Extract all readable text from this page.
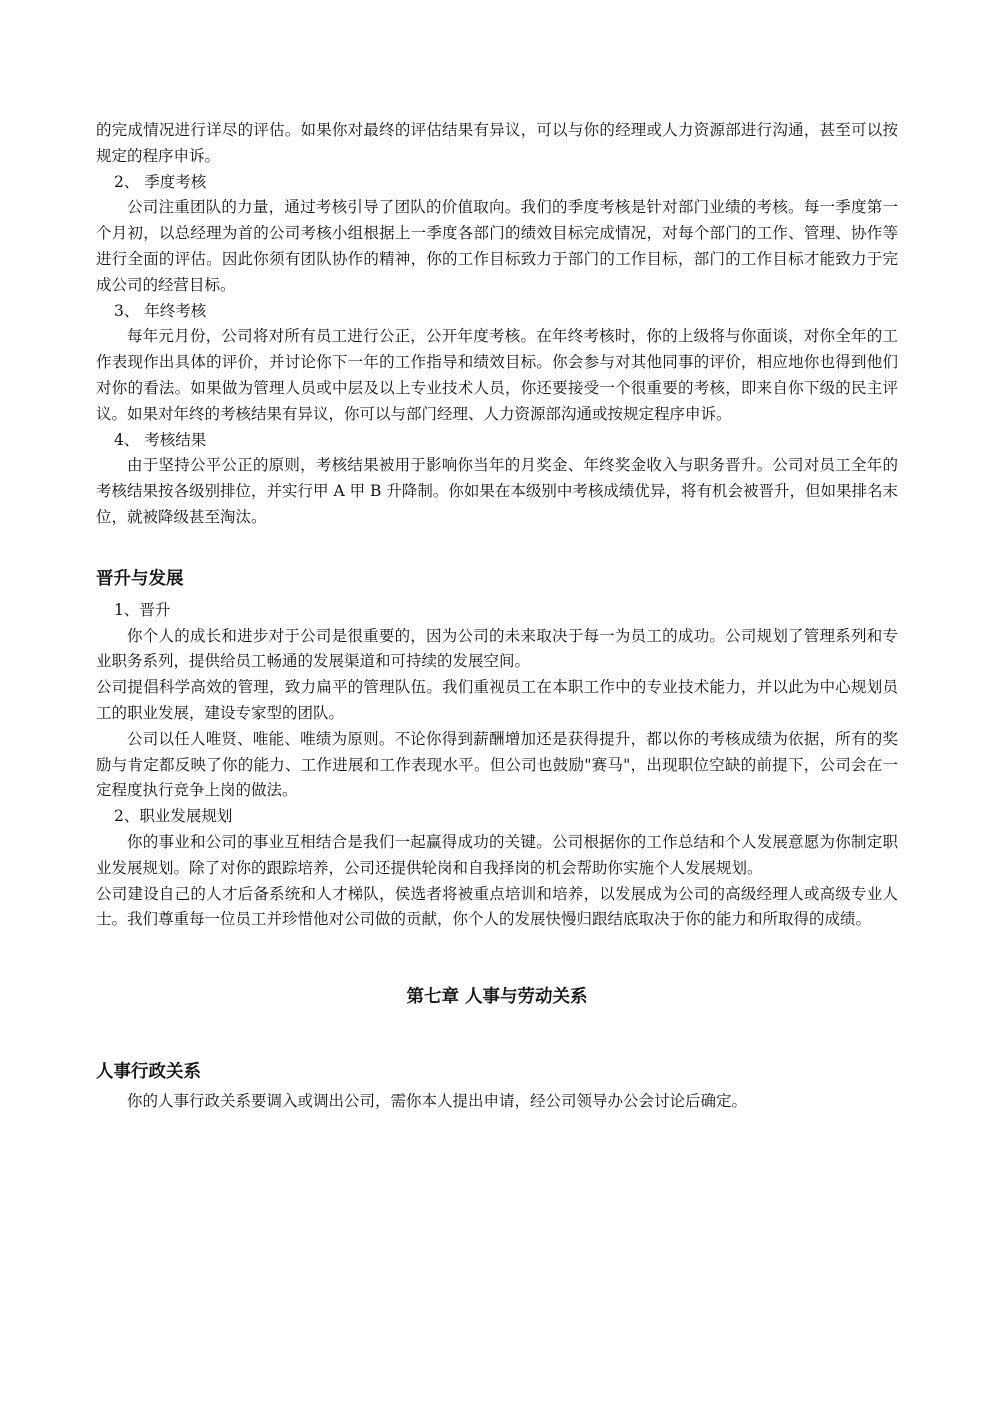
的完成情况进行详尽的评估。如果你对最终的评估结果有异议，可以与你的经理或人力资源部进行沟通，甚至可以按规定的程序申诉。

2、 季度考核

公司注重团队的力量，通过考核引导了团队的价值取向。我们的季度考核是针对部门业绩的考核。每一季度第一个月初，以总经理为首的公司考核小组根据上一季度各部门的绩效目标完成情况，对每个部门的工作、管理、协作等进行全面的评估。因此你须有团队协作的精神，你的工作目标致力于部门的工作目标，部门的工作目标才能致力于完成公司的经营目标。

3、 年终考核

每年元月份，公司将对所有员工进行公正，公开年度考核。在年终考核时，你的上级将与你面谈，对你全年的工作表现作出具体的评价，并讨论你下一年的工作指导和绩效目标。你会参与对其他同事的评价，相应地你也得到他们对你的看法。如果做为管理人员或中层及以上专业技术人员，你还要接受一个很重要的考核，即来自你下级的民主评议。如果对年终的考核结果有异议，你可以与部门经理、人力资源部沟通或按规定程序申诉。

4、 考核结果

由于坚持公平公正的原则，考核结果被用于影响你当年的月奖金、年终奖金收入与职务晋升。公司对员工全年的考核结果按各级别排位，并实行甲 A 甲 B 升降制。你如果在本级别中考核成绩优异，将有机会被晋升，但如果排名末位，就被降级甚至淘汰。

晋升与发展

1、晋升

你个人的成长和进步对于公司是很重要的，因为公司的未来取决于每一为员工的成功。公司规划了管理系列和专业职务系列，提供给员工畅通的发展渠道和可持续的发展空间。

公司提倡科学高效的管理，致力扁平的管理队伍。我们重视员工在本职工作中的专业技术能力，并以此为中心规划员工的职业发展，建设专家型的团队。

公司以任人唯贤、唯能、唯绩为原则。不论你得到薪酬增加还是获得提升，都以你的考核成绩为依据，所有的奖励与肯定都反映了你的能力、工作进展和工作表现水平。但公司也鼓励"赛马"，出现职位空缺的前提下，公司会在一定程度执行竞争上岗的做法。

2、职业发展规划

你的事业和公司的事业互相结合是我们一起赢得成功的关键。公司根据你的工作总结和个人发展意愿为你制定职业发展规划。除了对你的跟踪培养，公司还提供轮岗和自我择岗的机会帮助你实施个人发展规划。

公司建设自己的人才后备系统和人才梯队，侯选者将被重点培训和培养，以发展成为公司的高级经理人或高级专业人士。我们尊重每一位员工并珍惜他对公司做的贡献，你个人的发展快慢归跟结底取决于你的能力和所取得的成绩。

第七章 人事与劳动关系
人事行政关系

你的人事行政关系要调入或调出公司，需你本人提出申请，经公司领导办公会讨论后确定。
